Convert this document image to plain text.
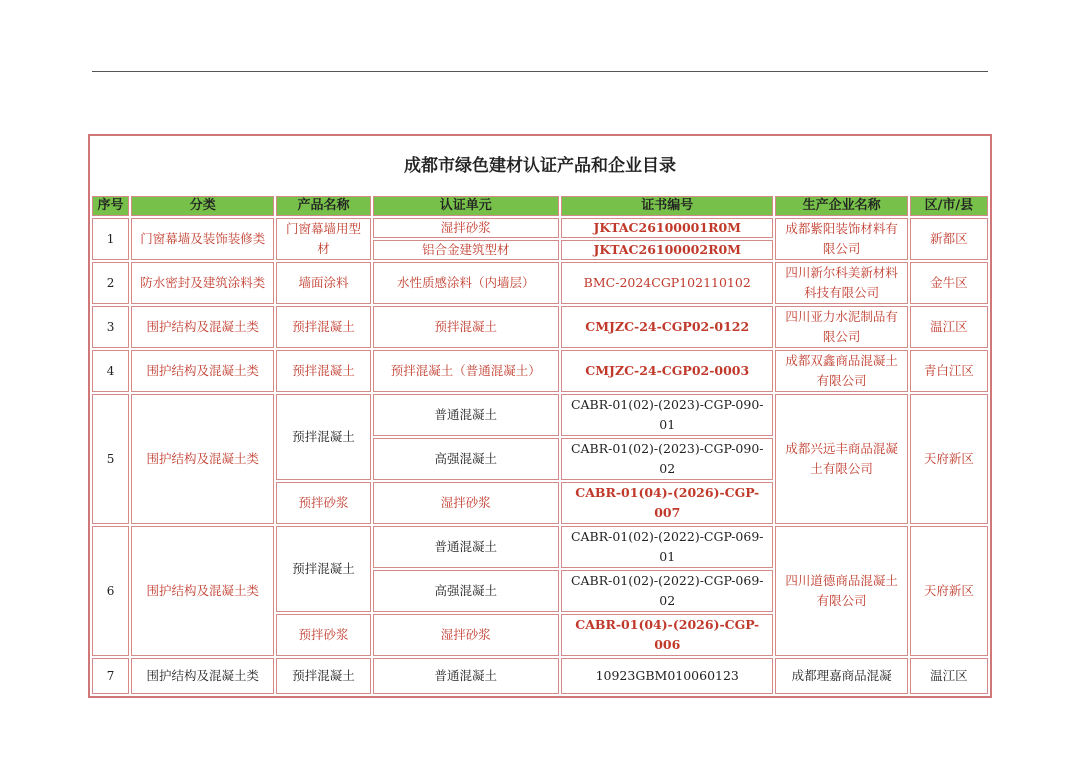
成都市绿色建材认证产品和企业目录						
序号	分类	产品名称	认证单元	证书编号	生产企业名称	区/市/县
1	门窗幕墙及装饰装修类	门窗幕墙用型材	湿拌砂浆	JKTAC26100001R0M	成都紫阳装饰材料有限公司	新都区
			铝合金建筑型材	JKTAC26100002R0M		
2	防水密封及建筑涂料类	墙面涂料	水性质感涂料（内墙层）	BMC-2024CGP102110102	四川新尔科美新材料科技有限公司	金牛区
3	围护结构及混凝土类	预拌混凝土	预拌混凝土	CMJZC-24-CGP02-0122	四川亚力水泥制品有限公司	温江区
4	围护结构及混凝土类	预拌混凝土	预拌混凝土（普通混凝土）	CMJZC-24-CGP02-0003	成都双鑫商品混凝土有限公司	青白江区
5	围护结构及混凝土类	预拌混凝土	普通混凝土	CABR-01(02)-(2023)-CGP-090-01	成都兴远丰商品混凝土有限公司	天府新区
			高强混凝土	CABR-01(02)-(2023)-CGP-090-02		
		预拌砂浆	湿拌砂浆	CABR-01(04)-(2026)-CGP-007		
6	围护结构及混凝土类	预拌混凝土	普通混凝土	CABR-01(02)-(2022)-CGP-069-01	四川道德商品混凝土有限公司	天府新区
			高强混凝土	CABR-01(02)-(2022)-CGP-069-02		
		预拌砂浆	湿拌砂浆	CABR-01(04)-(2026)-CGP-006		
7	围护结构及混凝土类	预拌混凝土	普通混凝土	10923GBM010060123	成都理嘉商品混凝	温江区
